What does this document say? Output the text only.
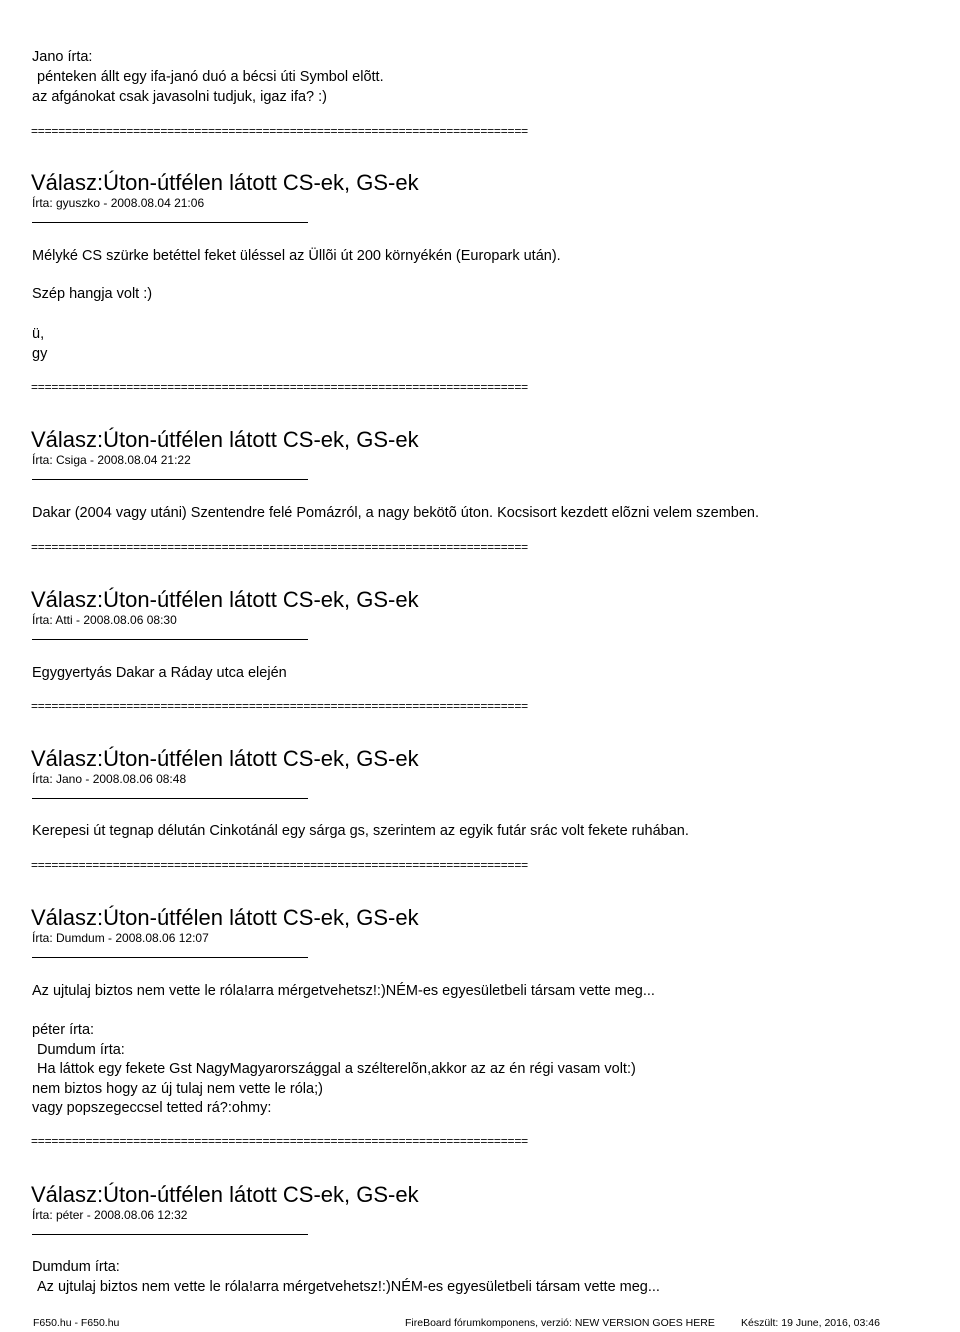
Jano írta:
pénteken állt egy ifa-janó duó a bécsi úti Symbol elõtt.
az afgánokat csak javasolni tudjuk, igaz ifa? :)
=========================================================================
Válasz:Úton-útfélen látott CS-ek, GS-ek
Írta: gyuszko - 2008.08.04 21:06
Mélyké CS szürke betéttel feket üléssel az Üllõi út 200 környékén (Europark után).
Szép hangja volt :)
ü,
gy
=========================================================================
Válasz:Úton-útfélen látott CS-ek, GS-ek
Írta: Csiga - 2008.08.04 21:22
Dakar (2004 vagy utáni) Szentendre felé Pomázról, a nagy bekötõ úton. Kocsisort kezdett elõzni velem szemben.
=========================================================================
Válasz:Úton-útfélen látott CS-ek, GS-ek
Írta: Atti - 2008.08.06 08:30
Egygyertyás Dakar a Ráday utca elején
=========================================================================
Válasz:Úton-útfélen látott CS-ek, GS-ek
Írta: Jano - 2008.08.06 08:48
Kerepesi út tegnap délután Cinkotánál egy sárga gs, szerintem az egyik futár srác volt fekete ruhában.
=========================================================================
Válasz:Úton-útfélen látott CS-ek, GS-ek
Írta: Dumdum - 2008.08.06 12:07
Az ujtulaj biztos nem vette le róla!arra mérgetvehetsz!:)NÉM-es egyesületbeli társam vette meg...
péter írta:
Dumdum írta:
Ha láttok egy fekete Gst NagyMagyarországgal a szélterelõn,akkor az az én régi vasam volt:)
nem biztos hogy az új tulaj nem vette le róla;)
vagy popszegeccsel tetted rá?:ohmy:
=========================================================================
Válasz:Úton-útfélen látott CS-ek, GS-ek
Írta: péter - 2008.08.06 12:32
Dumdum írta:
Az ujtulaj biztos nem vette le róla!arra mérgetvehetsz!:)NÉM-es egyesületbeli társam vette meg...
F650.hu - F650.hu	FireBoard fórumkomponens, verzió: NEW VERSION GOES HERE Készült: 19 June, 2016, 03:46
